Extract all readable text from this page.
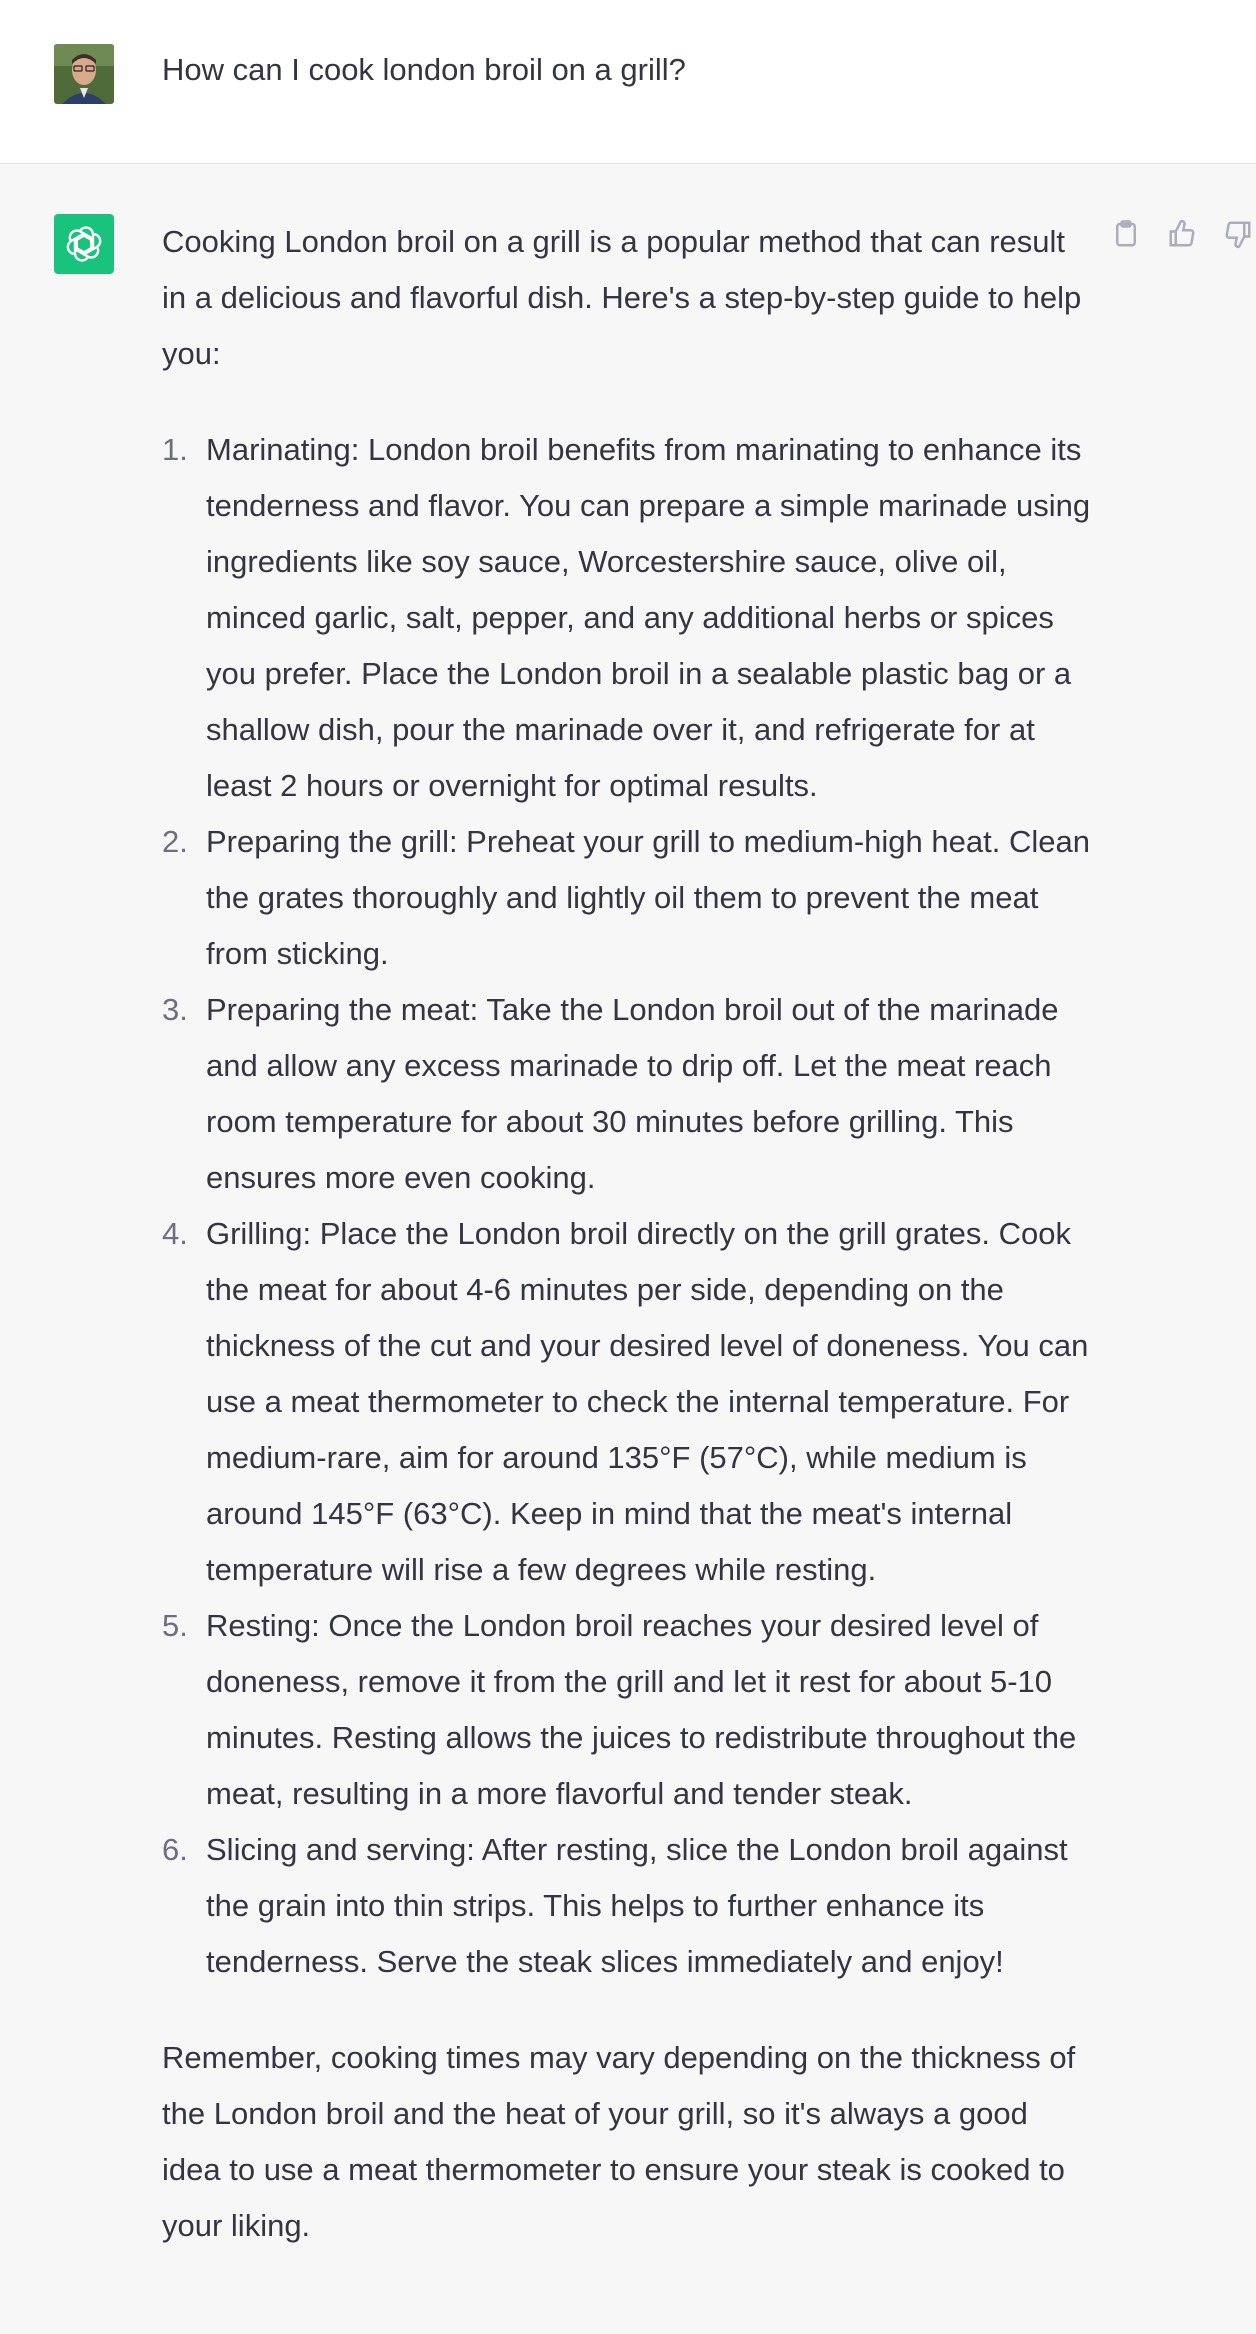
How can I cook london broil on a grill?

Cooking London broil on a grill is a popular method that can result in a delicious and flavorful dish. Here's a step-by-step guide to help you:

1. Marinating: London broil benefits from marinating to enhance its tenderness and flavor. You can prepare a simple marinade using ingredients like soy sauce, Worcestershire sauce, olive oil, minced garlic, salt, pepper, and any additional herbs or spices you prefer. Place the London broil in a sealable plastic bag or a shallow dish, pour the marinade over it, and refrigerate for at least 2 hours or overnight for optimal results.
2. Preparing the grill: Preheat your grill to medium-high heat. Clean the grates thoroughly and lightly oil them to prevent the meat from sticking.
3. Preparing the meat: Take the London broil out of the marinade and allow any excess marinade to drip off. Let the meat reach room temperature for about 30 minutes before grilling. This ensures more even cooking.
4. Grilling: Place the London broil directly on the grill grates. Cook the meat for about 4-6 minutes per side, depending on the thickness of the cut and your desired level of doneness. You can use a meat thermometer to check the internal temperature. For medium-rare, aim for around 135°F (57°C), while medium is around 145°F (63°C). Keep in mind that the meat's internal temperature will rise a few degrees while resting.
5. Resting: Once the London broil reaches your desired level of doneness, remove it from the grill and let it rest for about 5-10 minutes. Resting allows the juices to redistribute throughout the meat, resulting in a more flavorful and tender steak.
6. Slicing and serving: After resting, slice the London broil against the grain into thin strips. This helps to further enhance its tenderness. Serve the steak slices immediately and enjoy!

Remember, cooking times may vary depending on the thickness of the London broil and the heat of your grill, so it's always a good idea to use a meat thermometer to ensure your steak is cooked to your liking.
